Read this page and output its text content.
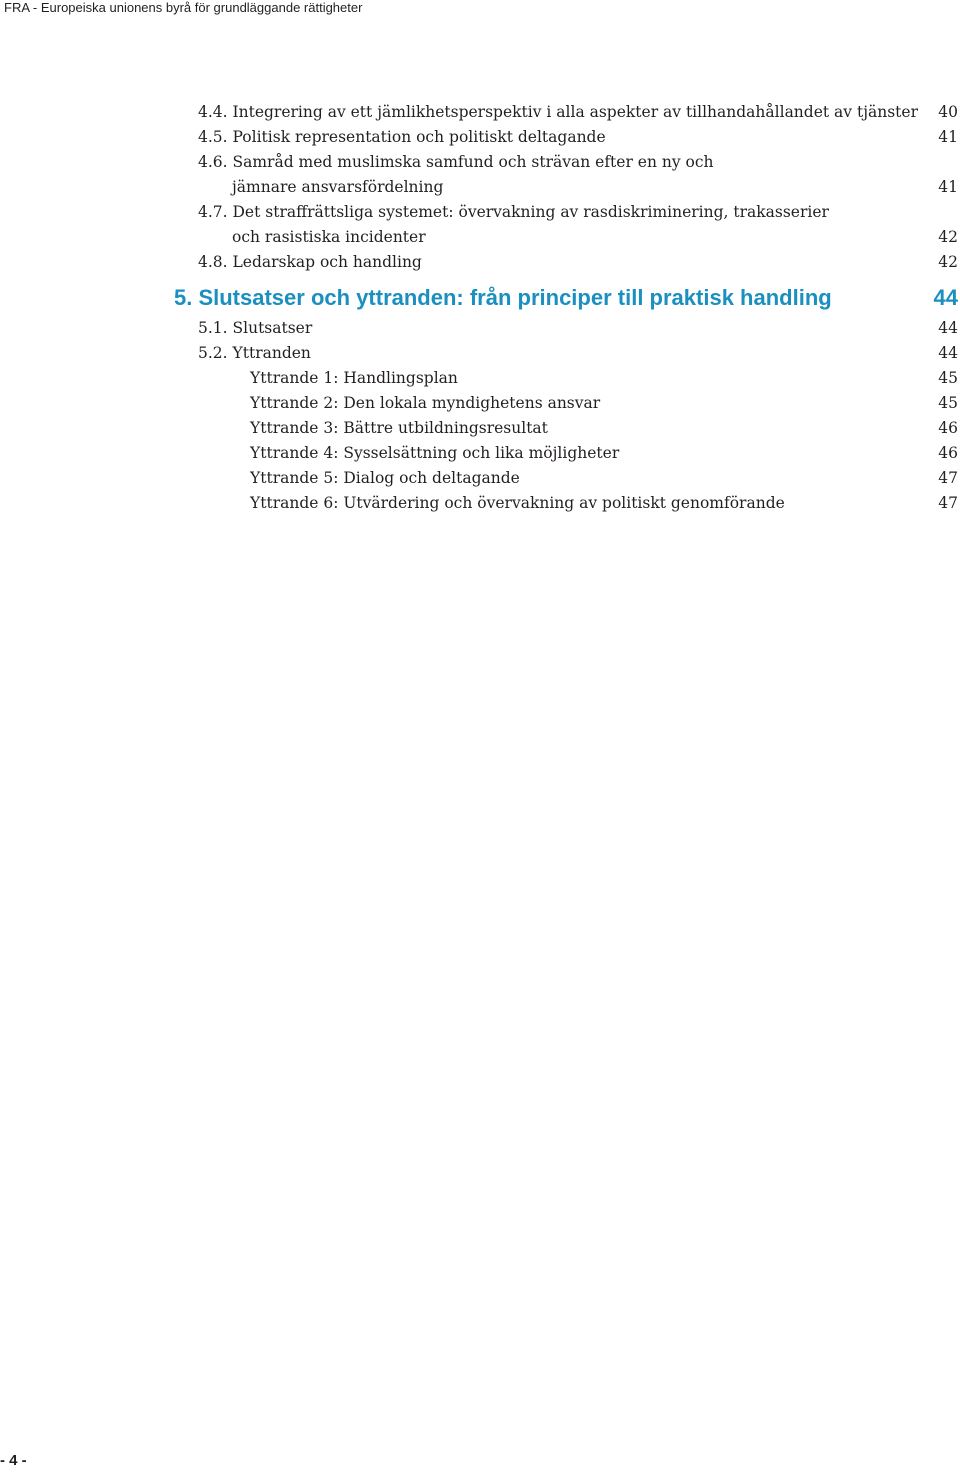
FRA - Europeiska unionens byrå för grundläggande rättigheter
4.4. Integrering av ett jämlikhetsperspektiv i alla aspekter av tillhandahållandet av tjänster 40
4.5. Politisk representation och politiskt deltagande	41
4.6. Samråd med muslimska samfund och strävan efter en ny och
jämnare ansvarsfördelning	41
4.7. Det straffrättsliga systemet: övervakning av rasdiskriminering, trakasserier
och rasistiska incidenter	42
4.8. Ledarskap och handling	42
5. Slutsatser och yttranden: från principer till praktisk handling	44
5.1. Slutsatser	44
5.2. Yttranden	44
Yttrande 1: Handlingsplan	45
Yttrande 2: Den lokala myndighetens ansvar	45
Yttrande 3: Bättre utbildningsresultat	46
Yttrande 4: Sysselsättning och lika möjligheter	46
Yttrande 5: Dialog och deltagande	47
Yttrande 6: Utvärdering och övervakning av politiskt genomförande	47
- 4 -
